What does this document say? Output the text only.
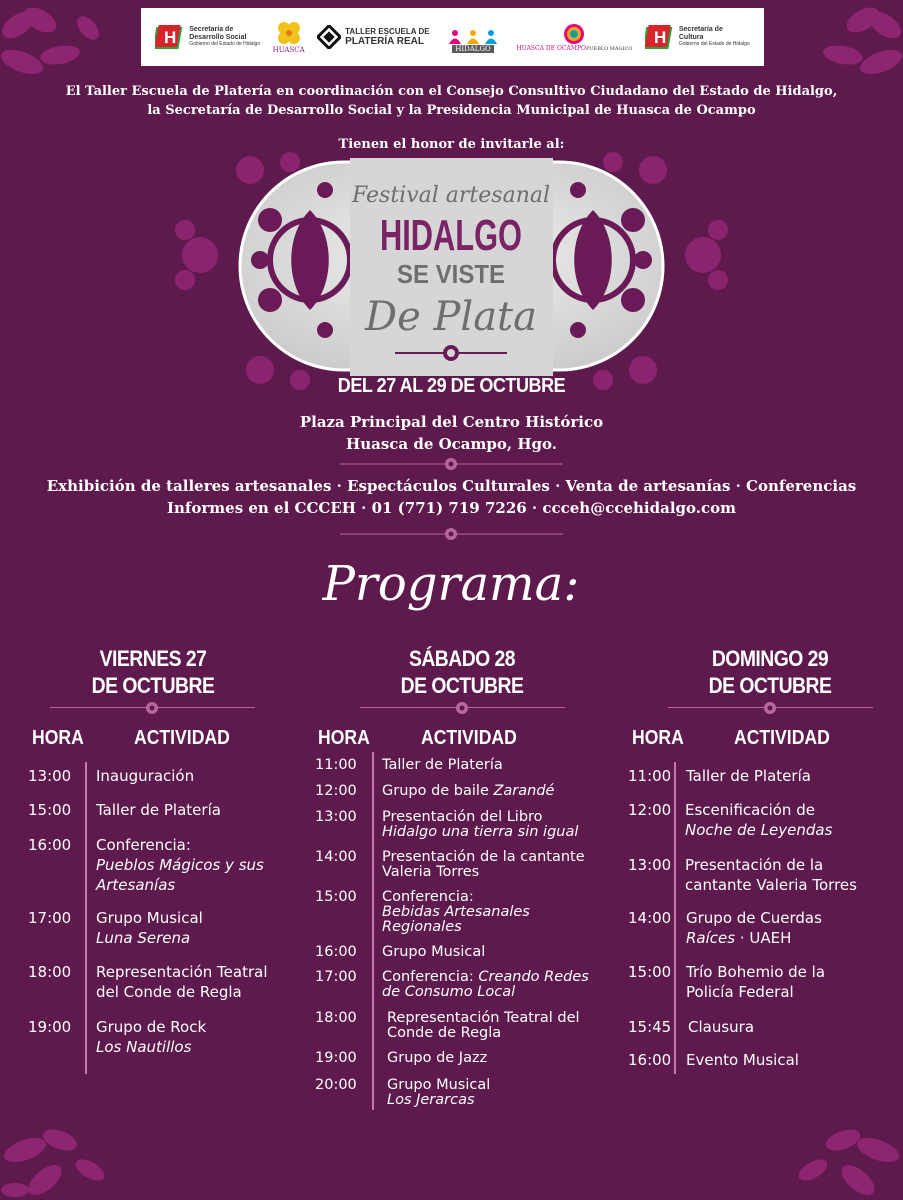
H Secretaría de
Desarrollo Social
Gobierno del Estado de Hidalgo
HUASCA
TALLER ESCUELA DE
PLATERÍA REAL
Consejo Consultivo Ciudadano
HIDALGO	HUASCA DE OCAMPOPUEBLO MÁGICO
H Secretaría de
Cultura
Gobierno del Estado de Hidalgo
El Taller Escuela de Platería en coordinación con el Consejo Consultivo Ciudadano del Estado de Hidalgo,
la Secretaría de Desarrollo Social y la Presidencia Municipal de Huasca de Ocampo
Tienen el honor de invitarle al:
Festival artesanal
HIDALGO
SE VISTE
De Plata
DEL 27 AL 29 DE OCTUBRE
Plaza Principal del Centro Histórico
Huasca de Ocampo, Hgo.
Exhibición de talleres artesanales · Espectáculos Culturales · Venta de artesanías · Conferencias
Informes en el CCCEH · 01 (771) 719 7226 · ccceh@ccehidalgo.com
Programa:
VIERNES 27
DE OCTUBRE
SÁBADO 28
DE OCTUBRE
DOMINGO 29
DE OCTUBRE
HORA	ACTIVIDAD	HORA	ACTIVIDAD	HORA	ACTIVIDAD
13:00 Inauguración
15:00 Taller de Platería
16:00 Conferencia:
Pueblos Mágicos y sus
Artesanías
17:00 Grupo Musical
Luna Serena
18:00 Representación Teatral
del Conde de Regla
19:00 Grupo de Rock
Los Nautillos
11:00 Taller de Platería
12:00 Grupo de baile Zarandé
13:00 Presentación del Libro
Hidalgo una tierra sin igual
14:00 Presentación de la cantante
Valeria Torres
15:00 Conferencia:
Bebidas Artesanales
Regionales
16:00 Grupo Musical
17:00 Conferencia: Creando Redes
de Consumo Local
18:00 Representación Teatral del
Conde de Regla
19:00 Grupo de Jazz
20:00 Grupo Musical
Los Jerarcas
11:00 Taller de Platería
12:00 Escenificación de
Noche de Leyendas
13:00 Presentación de la
cantante Valeria Torres
14:00 Grupo de Cuerdas
Raíces · UAEH
15:00 Trío Bohemio de la
Policía Federal
15:45 Clausura
16:00 Evento Musical
